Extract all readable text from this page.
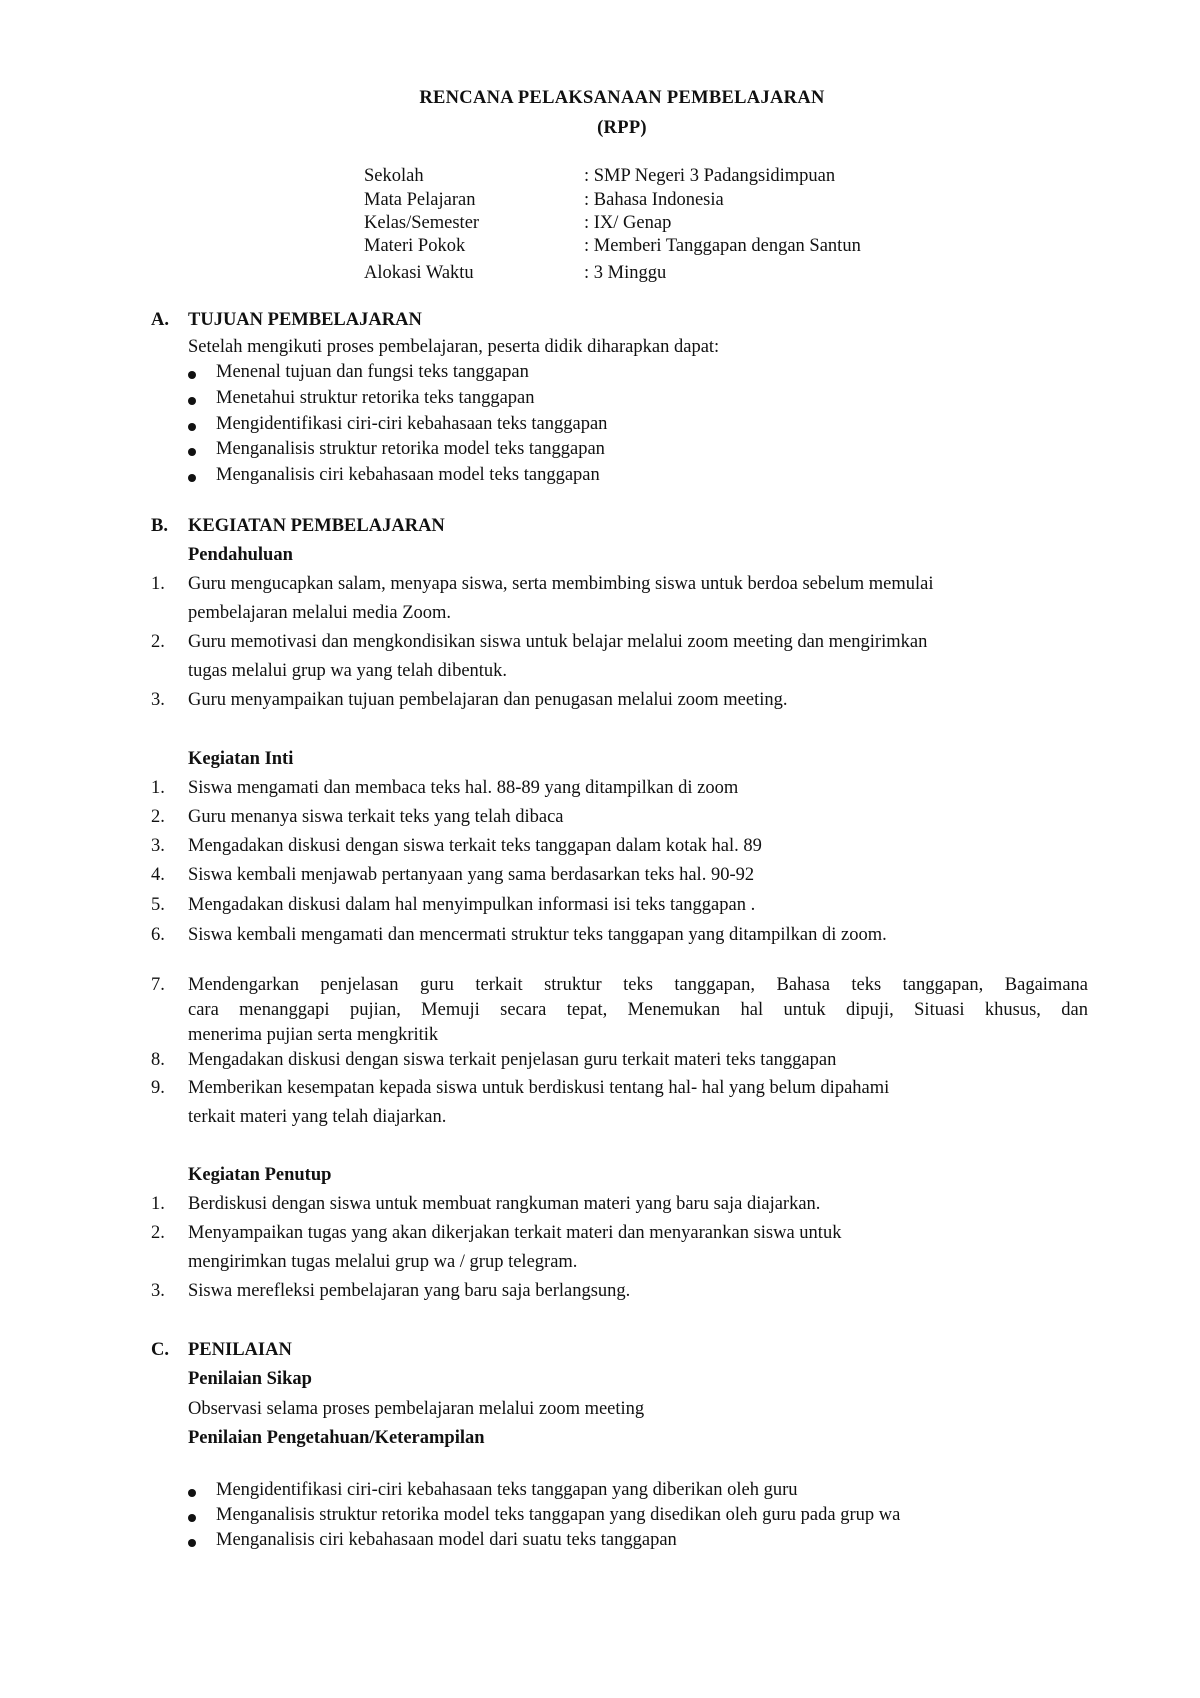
RENCANA PELAKSANAAN PEMBELAJARAN
(RPP)
Sekolah	: SMP Negeri 3 Padangsidimpuan
Mata Pelajaran	: Bahasa Indonesia
Kelas/Semester	: IX/ Genap
Materi Pokok	: Memberi Tanggapan dengan Santun
Alokasi Waktu	: 3 Minggu
A. TUJUAN PEMBELAJARAN
Setelah mengikuti proses pembelajaran, peserta didik diharapkan dapat:
Menenal tujuan dan fungsi teks tanggapan
Menetahui struktur retorika teks tanggapan
Mengidentifikasi ciri-ciri kebahasaan teks tanggapan
Menganalisis struktur retorika model teks tanggapan
Menganalisis ciri kebahasaan model teks tanggapan
B. KEGIATAN PEMBELAJARAN
Pendahuluan
1.	Guru mengucapkan salam, menyapa siswa, serta membimbing siswa untuk berdoa sebelum memulai
pembelajaran melalui media Zoom.
2.	Guru memotivasi dan mengkondisikan siswa untuk belajar melalui zoom meeting dan mengirimkan
tugas melalui grup wa yang telah dibentuk.
3.	Guru menyampaikan tujuan pembelajaran dan penugasan melalui zoom meeting.
Kegiatan Inti
1.	Siswa mengamati dan membaca teks hal. 88-89 yang ditampilkan di zoom
2.	Guru menanya siswa terkait teks yang telah dibaca
3.	Mengadakan diskusi dengan siswa terkait teks tanggapan dalam kotak hal. 89
4.	Siswa kembali menjawab pertanyaan yang sama berdasarkan teks hal. 90-92
5.	Mengadakan diskusi dalam hal menyimpulkan informasi isi teks tanggapan .
6.	Siswa kembali mengamati dan mencermati struktur teks tanggapan yang ditampilkan di zoom.
7.	Mendengarkan penjelasan guru terkait struktur teks tanggapan, Bahasa teks tanggapan, Bagaimana
cara menanggapi pujian, Memuji secara tepat, Menemukan hal untuk dipuji, Situasi khusus, dan
menerima pujian serta mengkritik
8.	Mengadakan diskusi dengan siswa terkait penjelasan guru terkait materi teks tanggapan
9.	Memberikan kesempatan kepada siswa untuk berdiskusi tentang hal- hal yang belum dipahami
terkait materi yang telah diajarkan.
Kegiatan Penutup
1.	Berdiskusi dengan siswa untuk membuat rangkuman materi yang baru saja diajarkan.
2.	Menyampaikan tugas yang akan dikerjakan terkait materi dan menyarankan siswa untuk
mengirimkan tugas melalui grup wa / grup telegram.
3.	Siswa merefleksi pembelajaran yang baru saja berlangsung.
C. PENILAIAN
Penilaian Sikap
Observasi selama proses pembelajaran melalui zoom meeting
Penilaian Pengetahuan/Keterampilan
Mengidentifikasi ciri-ciri kebahasaan teks tanggapan yang diberikan oleh guru
Menganalisis struktur retorika model teks tanggapan yang disedikan oleh guru pada grup wa
Menganalisis ciri kebahasaan model dari suatu teks tanggapan
